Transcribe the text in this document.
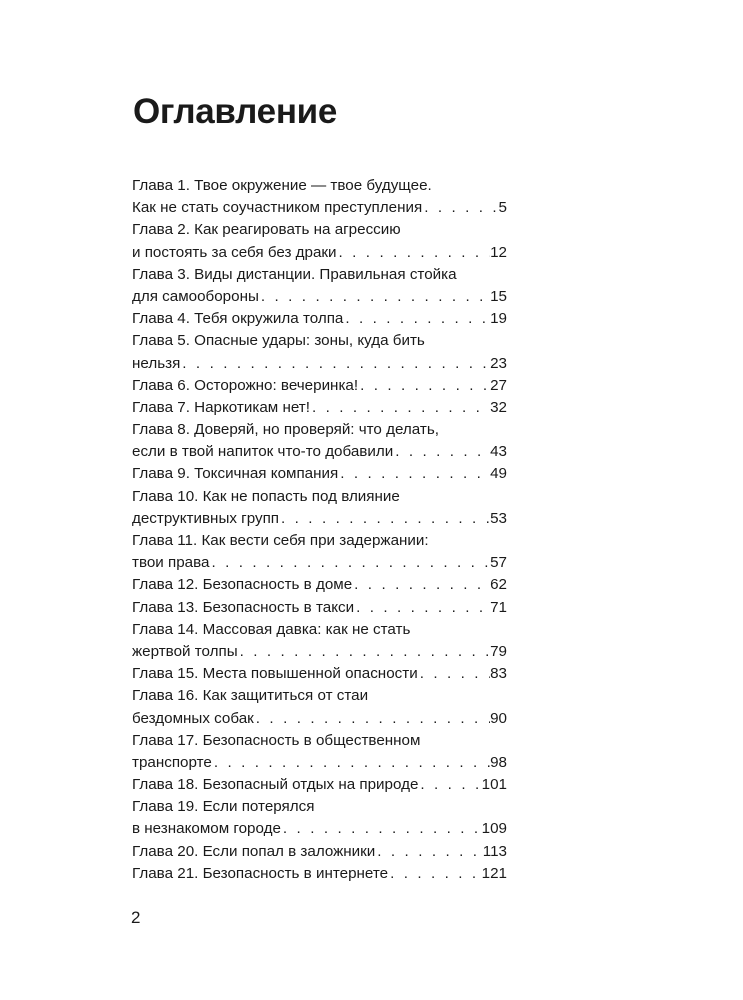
Оглавление
Глава 1. Твое окружение — твое будущее.
Как не стать соучастником преступления . . .	5
Глава 2. Как реагировать на агрессию
и постоять за себя без драки . . .	12
Глава 3. Виды дистанции. Правильная стойка
для самообороны . . .	15
Глава 4. Тебя окружила толпа . . .	19
Глава 5. Опасные удары: зоны, куда бить
нельзя . . .	23
Глава 6. Осторожно: вечеринка! . . .	27
Глава 7. Наркотикам нет! . . .	32
Глава 8. Доверяй, но проверяй: что делать,
если в твой напиток что-то добавили . . .	43
Глава 9. Токсичная компания . . .	49
Глава 10. Как не попасть под влияние
деструктивных групп . . .	53
Глава 11. Как вести себя при задержании:
твои права . . .	57
Глава 12. Безопасность в доме . . .	62
Глава 13. Безопасность в такси . . .	71
Глава 14. Массовая давка: как не стать
жертвой толпы . . .	79
Глава 15. Места повышенной опасности . . .	83
Глава 16. Как защититься от стаи
бездомных собак . . .	90
Глава 17. Безопасность в общественном
транспорте . . .	98
Глава 18. Безопасный отдых на природе . . .	101
Глава 19. Если потерялся
в незнакомом городе . . .	109
Глава 20. Если попал в заложники . . .	113
Глава 21. Безопасность в интернете . . .	121
2
